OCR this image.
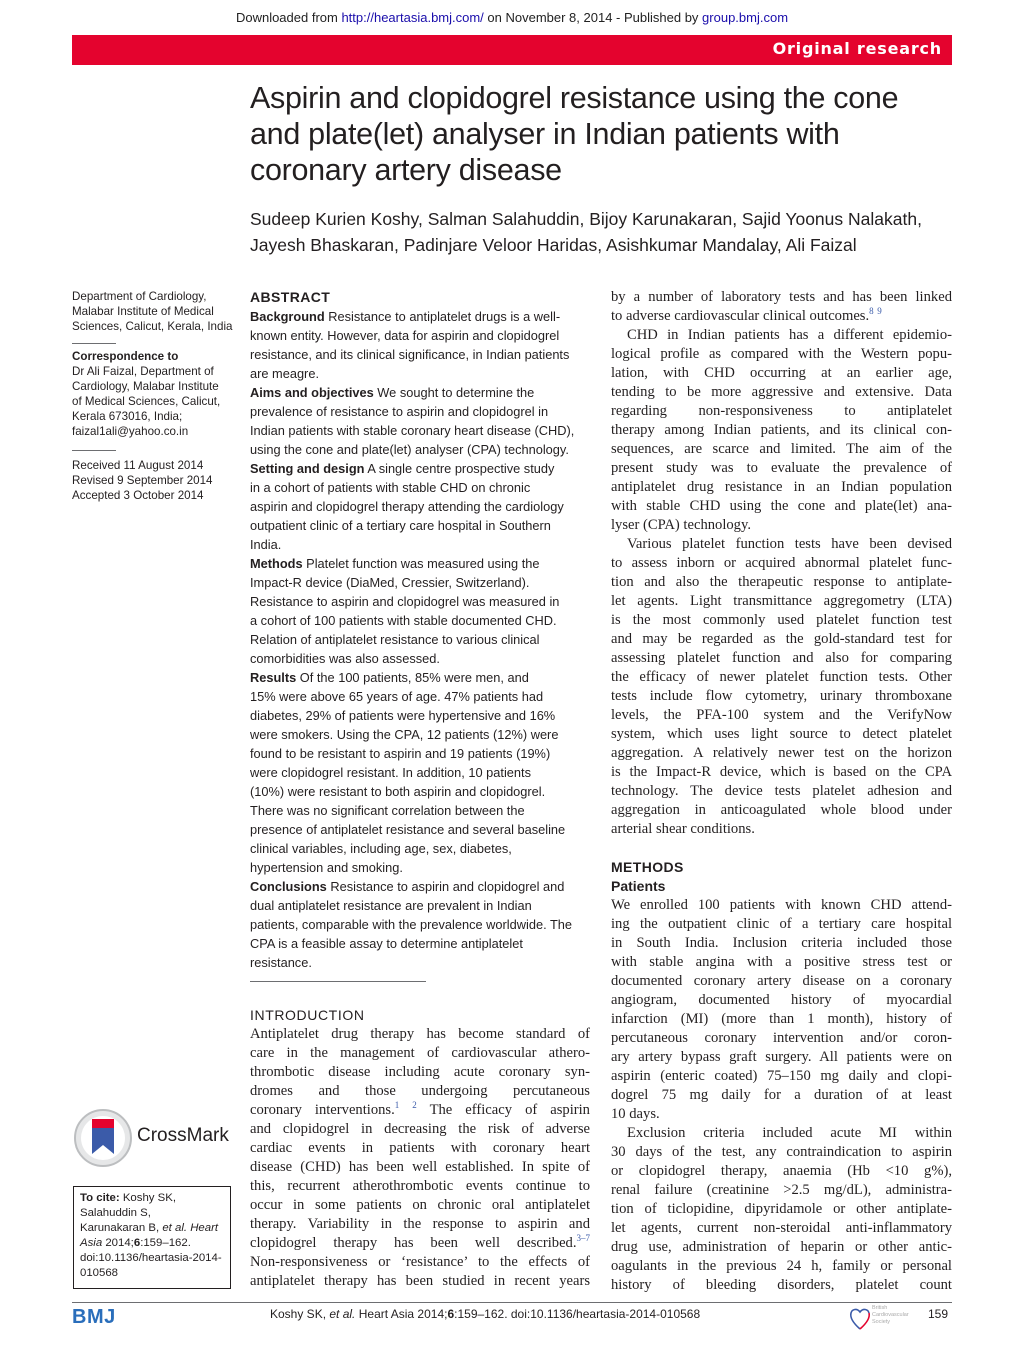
Downloaded from http://heartasia.bmj.com/ on November 8, 2014 - Published by group.bmj.com
Original research
Aspirin and clopidogrel resistance using the cone
and plate(let) analyser in Indian patients with
coronary artery disease
Sudeep Kurien Koshy, Salman Salahuddin, Bijoy Karunakaran, Sajid Yoonus Nalakath,
Jayesh Bhaskaran, Padinjare Veloor Haridas, Asishkumar Mandalay, Ali Faizal
Department of Cardiology,
Malabar Institute of Medical
Sciences, Calicut, Kerala, India
Correspondence to
Dr Ali Faizal, Department of
Cardiology, Malabar Institute
of Medical Sciences, Calicut,
Kerala 673016, India;
faizal1ali@yahoo.co.in
Received 11 August 2014
Revised 9 September 2014
Accepted 3 October 2014
CrossMark
To cite: Koshy SK,
Salahuddin S,
Karunakaran B, et al. Heart
Asia 2014;6:159–162.
doi:10.1136/heartasia-2014-
010568
ABSTRACT
Background Resistance to antiplatelet drugs is a well-
known entity. However, data for aspirin and clopidogrel
resistance, and its clinical significance, in Indian patients
are meagre.
Aims and objectives We sought to determine the
prevalence of resistance to aspirin and clopidogrel in
Indian patients with stable coronary heart disease (CHD),
using the cone and plate(let) analyser (CPA) technology.
Setting and design A single centre prospective study
in a cohort of patients with stable CHD on chronic
aspirin and clopidogrel therapy attending the cardiology
outpatient clinic of a tertiary care hospital in Southern
India.
Methods Platelet function was measured using the
Impact-R device (DiaMed, Cressier, Switzerland).
Resistance to aspirin and clopidogrel was measured in
a cohort of 100 patients with stable documented CHD.
Relation of antiplatelet resistance to various clinical
comorbidities was also assessed.
Results Of the 100 patients, 85% were men, and
15% were above 65 years of age. 47% patients had
diabetes, 29% of patients were hypertensive and 16%
were smokers. Using the CPA, 12 patients (12%) were
found to be resistant to aspirin and 19 patients (19%)
were clopidogrel resistant. In addition, 10 patients
(10%) were resistant to both aspirin and clopidogrel.
There was no significant correlation between the
presence of antiplatelet resistance and several baseline
clinical variables, including age, sex, diabetes,
hypertension and smoking.
Conclusions Resistance to aspirin and clopidogrel and
dual antiplatelet resistance are prevalent in Indian
patients, comparable with the prevalence worldwide. The
CPA is a feasible assay to determine antiplatelet
resistance.
INTRODUCTION
Antiplatelet drug therapy has become standard of
care in the management of cardiovascular athero-
thrombotic disease including acute coronary syn-
dromes and those undergoing percutaneous
coronary interventions.$^1$ $^2$ The efficacy of aspirin
and clopidogrel in decreasing the risk of adverse
cardiac events in patients with coronary heart
disease (CHD) has been well established. In spite of
this, recurrent atherothrombotic events continue to
occur in some patients on chronic oral antiplatelet
therapy. Variability in the response to aspirin and
clopidogrel therapy has been well described.$^{3-7}$
Non-responsiveness or ‘resistance’ to the effects of
antiplatelet therapy has been studied in recent years
by a number of laboratory tests and has been linked
to adverse cardiovascular clinical outcomes.$^8$ $^9$
CHD in Indian patients has a different epidemio-
logical profile as compared with the Western popu-
lation, with CHD occurring at an earlier age,
tending to be more aggressive and extensive. Data
regarding non-responsiveness to antiplatelet
therapy among Indian patients, and its clinical con-
sequences, are scarce and limited. The aim of the
present study was to evaluate the prevalence of
antiplatelet drug resistance in an Indian population
with stable CHD using the cone and plate(let) ana-
lyser (CPA) technology.
Various platelet function tests have been devised
to assess inborn or acquired abnormal platelet func-
tion and also the therapeutic response to antiplate-
let agents. Light transmittance aggregometry (LTA)
is the most commonly used platelet function test
and may be regarded as the gold-standard test for
assessing platelet function and also for comparing
the efficacy of newer platelet function tests. Other
tests include flow cytometry, urinary thromboxane
levels, the PFA-100 system and the VerifyNow
system, which uses light source to detect platelet
aggregation. A relatively newer test on the horizon
is the Impact-R device, which is based on the CPA
technology. The device tests platelet adhesion and
aggregation in anticoagulated whole blood under
arterial shear conditions.
METHODS
Patients
We enrolled 100 patients with known CHD attend-
ing the outpatient clinic of a tertiary care hospital
in South India. Inclusion criteria included those
with stable angina with a positive stress test or
documented coronary artery disease on a coronary
angiogram, documented history of myocardial
infarction (MI) (more than 1 month), history of
percutaneous coronary intervention and/or coron-
ary artery bypass graft surgery. All patients were on
aspirin (enteric coated) 75–150 mg daily and clopi-
dogrel 75 mg daily for a duration of at least
10 days.
Exclusion criteria included acute MI within
30 days of the test, any contraindication to aspirin
or clopidogrel therapy, anaemia (Hb <10 g%),
renal failure (creatinine >2.5 mg/dL), administra-
tion of ticlopidine, dipyridamole or other antiplate-
let agents, current non-steroidal anti-inflammatory
drug use, administration of heparin or other antic-
oagulants in the previous 24 h, family or personal
history of bleeding disorders, platelet count
BMJ	Koshy SK, et al. Heart Asia 2014;6:159–162. doi:10.1136/heartasia-2014-010568	British
Cardiovascular
Society
159
